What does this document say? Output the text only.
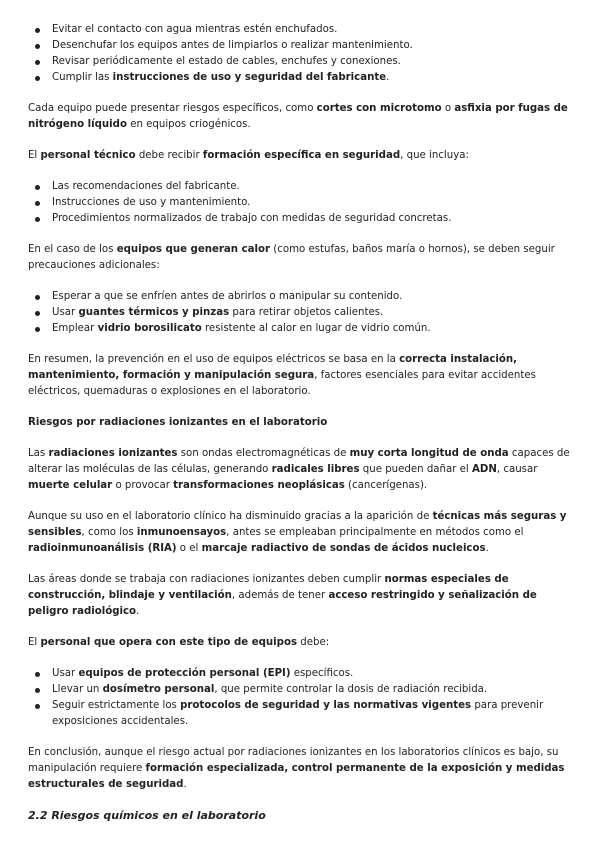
Evitar el contacto con agua mientras estén enchufados.
Desenchufar los equipos antes de limpiarlos o realizar mantenimiento.
Revisar periódicamente el estado de cables, enchufes y conexiones.
Cumplir las instrucciones de uso y seguridad del fabricante.

Cada equipo puede presentar riesgos específicos, como cortes con microtomo o asfixia por fugas de nitrógeno líquido en equipos criogénicos.

El personal técnico debe recibir formación específica en seguridad, que incluya:

Las recomendaciones del fabricante.
Instrucciones de uso y mantenimiento.
Procedimientos normalizados de trabajo con medidas de seguridad concretas.

En el caso de los equipos que generan calor (como estufas, baños maría o hornos), se deben seguir precauciones adicionales:

Esperar a que se enfríen antes de abrirlos o manipular su contenido.
Usar guantes térmicos y pinzas para retirar objetos calientes.
Emplear vidrio borosilicato resistente al calor en lugar de vidrio común.

En resumen, la prevención en el uso de equipos eléctricos se basa en la correcta instalación, mantenimiento, formación y manipulación segura, factores esenciales para evitar accidentes eléctricos, quemaduras o explosiones en el laboratorio.

Riesgos por radiaciones ionizantes en el laboratorio

Las radiaciones ionizantes son ondas electromagnéticas de muy corta longitud de onda capaces de alterar las moléculas de las células, generando radicales libres que pueden dañar el ADN, causar muerte celular o provocar transformaciones neoplásicas (cancerígenas).

Aunque su uso en el laboratorio clínico ha disminuido gracias a la aparición de técnicas más seguras y sensibles, como los inmunoensayos, antes se empleaban principalmente en métodos como el radioinmunoanálisis (RIA) o el marcaje radiactivo de sondas de ácidos nucleicos.

Las áreas donde se trabaja con radiaciones ionizantes deben cumplir normas especiales de construcción, blindaje y ventilación, además de tener acceso restringido y señalización de peligro radiológico.

El personal que opera con este tipo de equipos debe:

Usar equipos de protección personal (EPI) específicos.
Llevar un dosímetro personal, que permite controlar la dosis de radiación recibida.
Seguir estrictamente los protocolos de seguridad y las normativas vigentes para prevenir exposiciones accidentales.

En conclusión, aunque el riesgo actual por radiaciones ionizantes en los laboratorios clínicos es bajo, su manipulación requiere formación especializada, control permanente de la exposición y medidas estructurales de seguridad.

2.2 Riesgos químicos en el laboratorio
